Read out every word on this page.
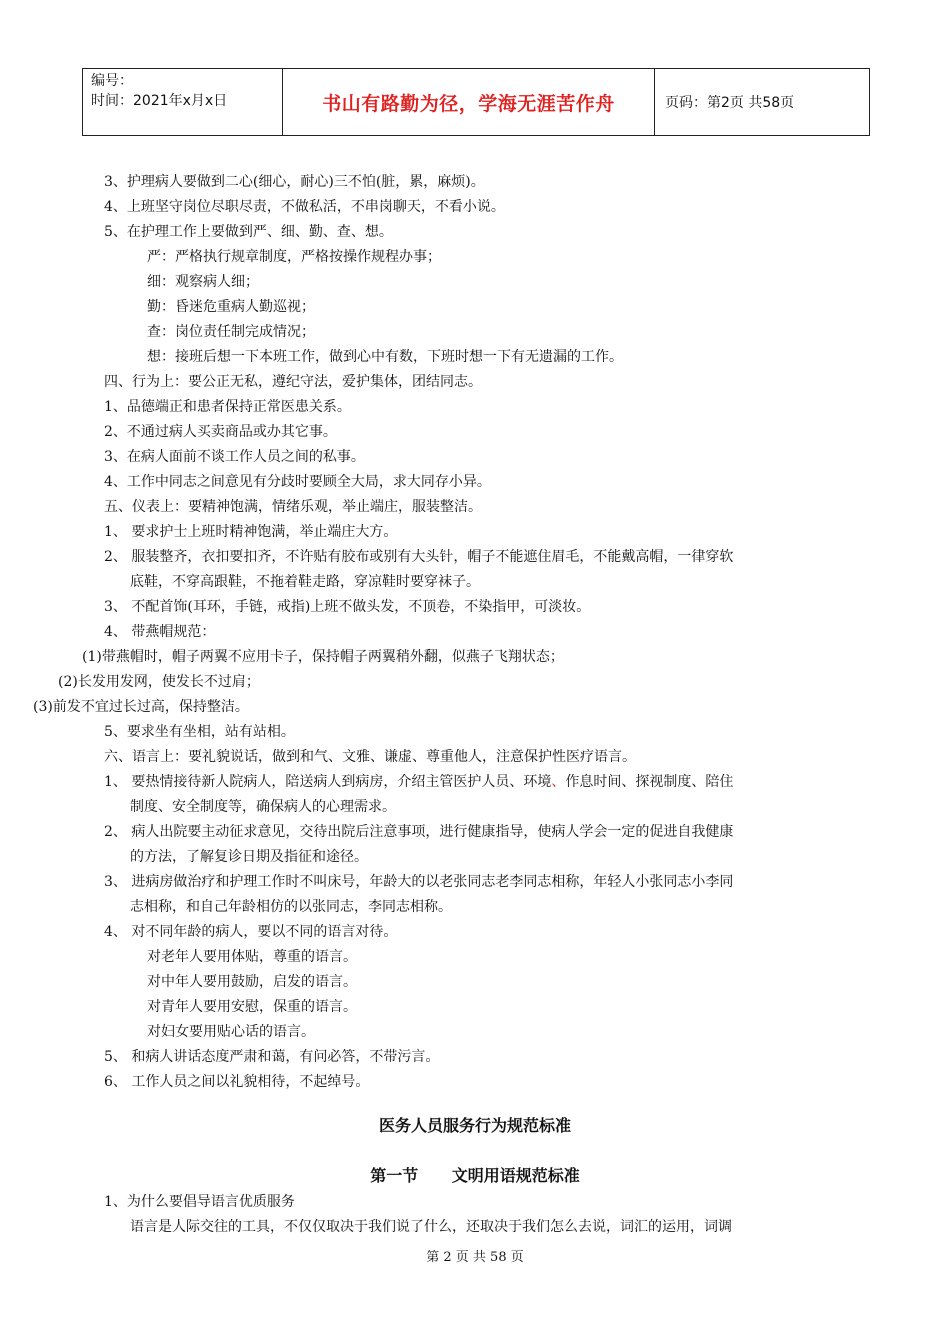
编号：
时间：2021年x月x日	书山有路勤为径，学海无涯苦作舟	页码：第2页 共58页
3、护理病人要做到二心(细心，耐心)三不怕(脏，累，麻烦)。
4、上班坚守岗位尽职尽责，不做私活，不串岗聊天，不看小说。
5、在护理工作上要做到严、细、勤、查、想。
严：严格执行规章制度，严格按操作规程办事；
细：观察病人细；
勤：昏迷危重病人勤巡视；
查：岗位责任制完成情况；
想：接班后想一下本班工作，做到心中有数，下班时想一下有无遗漏的工作。
四、行为上：要公正无私，遵纪守法，爱护集体，团结同志。
1、品德端正和患者保持正常医患关系。
2、不通过病人买卖商品或办其它事。
3、在病人面前不谈工作人员之间的私事。
4、工作中同志之间意见有分歧时要顾全大局，求大同存小异。
五、仪表上：要精神饱满，情绪乐观，举止端庄，服装整洁。
1、 要求护士上班时精神饱满，举止端庄大方。
2、 服装整齐，衣扣要扣齐，不许贴有胶布或别有大头针，帽子不能遮住眉毛，不能戴高帽，一律穿软
底鞋，不穿高跟鞋，不拖着鞋走路，穿凉鞋时要穿袜子。
3、 不配首饰(耳环，手链，戒指)上班不做头发，不顶卷，不染指甲，可淡妆。
4、 带燕帽规范：
(1)带燕帽时，帽子两翼不应用卡子，保持帽子两翼稍外翻，似燕子飞翔状态；
(2)长发用发网，使发长不过肩；
(3)前发不宜过长过高，保持整洁。
5、要求坐有坐相，站有站相。
六、语言上：要礼貌说话，做到和气、文雅、谦虚、尊重他人，注意保护性医疗语言。
1、 要热情接待新人院病人，陪送病人到病房，介绍主管医护人员、环境、作息时间、探视制度、陪住
制度、安全制度等，确保病人的心理需求。
2、 病人出院要主动征求意见，交待出院后注意事项，进行健康指导，使病人学会一定的促进自我健康
的方法，了解复诊日期及指征和途径。
3、 进病房做治疗和护理工作时不叫床号，年龄大的以老张同志老李同志相称，年轻人小张同志小李同
志相称，和自己年龄相仿的以张同志，李同志相称。
4、 对不同年龄的病人，要以不同的语言对待。
对老年人要用体贴，尊重的语言。
对中年人要用鼓励，启发的语言。
对青年人要用安慰，保重的语言。
对妇女要用贴心话的语言。
5、 和病人讲话态度严肃和蔼，有问必答，不带污言。
6、 工作人员之间以礼貌相待，不起绰号。
医务人员服务行为规范标准
第一节      文明用语规范标准
1、为什么要倡导语言优质服务
语言是人际交往的工具，不仅仅取决于我们说了什么，还取决于我们怎么去说，词汇的运用，词调
第 2 页 共 58 页
